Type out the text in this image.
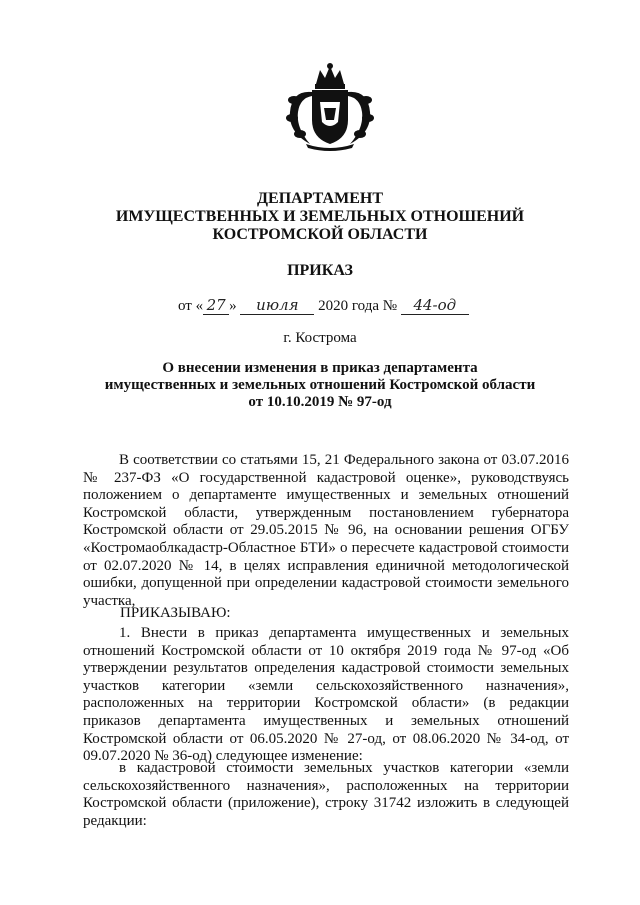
ДЕПАРТАМЕНТ
ИМУЩЕСТВЕННЫХ И ЗЕМЕЛЬНЫХ ОТНОШЕНИЙ
КОСТРОМСКОЙ ОБЛАСТИ
ПРИКАЗ
от « 27 » июля 2020 года № 44-од
г. Кострома
О внесении изменения в приказ департамента
имущественных и земельных отношений Костромской области
от 10.10.2019 № 97-од
В соответствии со статьями 15, 21 Федерального закона от 03.07.2016 № 237-ФЗ «О государственной кадастровой оценке», руководствуясь положением о департаменте имущественных и земельных отношений Костромской области, утвержденным постановлением губернатора Костромской области от 29.05.2015 № 96, на основании решения ОГБУ «Костромаоблкадастр-Областное БТИ» о пересчете кадастровой стоимости от 02.07.2020 № 14, в целях исправления единичной методологической ошибки, допущенной при определении кадастровой стоимости земельного участка,
ПРИКАЗЫВАЮ:
1. Внести в приказ департамента имущественных и земельных отношений Костромской области от 10 октября 2019 года № 97-од «Об утверждении результатов определения кадастровой стоимости земельных участков категории «земли сельскохозяйственного назначения», расположенных на территории Костромской области» (в редакции приказов департамента имущественных и земельных отношений Костромской области от 06.05.2020 № 27-од, от 08.06.2020 № 34-од, от 09.07.2020 № 36-од) следующее изменение:
в кадастровой стоимости земельных участков категории «земли сельскохозяйственного назначения», расположенных на территории Костромской области (приложение), строку 31742 изложить в следующей редакции:
